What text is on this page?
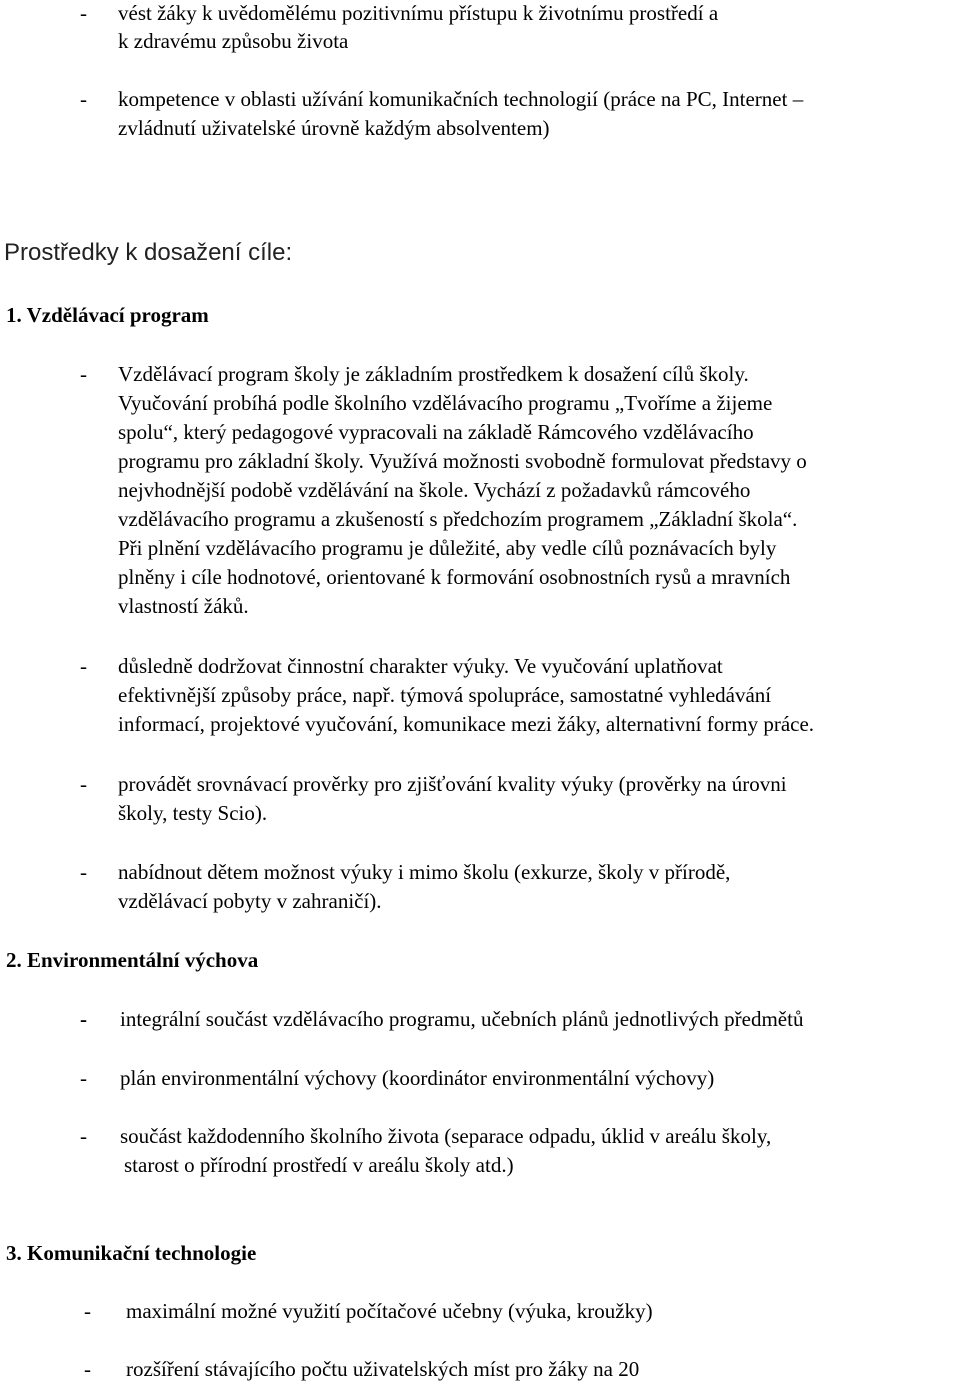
- vést žáky k uvědomělému pozitivnímu přístupu k životnímu prostředí a
k zdravému způsobu života
- kompetence v oblasti užívání komunikačních technologií (práce na PC, Internet –
zvládnutí uživatelské úrovně každým absolventem)
Prostředky k dosažení cíle:
1. Vzdělávací program
- Vzdělávací program školy je základním prostředkem k dosažení cílů školy.
Vyučování probíhá podle školního vzdělávacího programu „Tvoříme a žijeme
spolu“, který pedagogové vypracovali na základě Rámcového vzdělávacího
programu pro základní školy. Využívá možnosti svobodně formulovat představy o
nejvhodnější podobě vzdělávání na škole. Vychází z požadavků rámcového
vzdělávacího programu a zkušeností s předchozím programem „Základní škola“.
Při plnění vzdělávacího programu je důležité, aby vedle cílů poznávacích byly
plněny i cíle hodnotové, orientované k formování osobnostních rysů a mravních
vlastností žáků.
- důsledně dodržovat činnostní charakter výuky. Ve vyučování uplatňovat
efektivnější způsoby práce, např. týmová spolupráce, samostatné vyhledávání
informací, projektové vyučování, komunikace mezi žáky, alternativní formy práce.
- provádět srovnávací prověrky pro zjišťování kvality výuky (prověrky na úrovni
školy, testy Scio).
- nabídnout dětem možnost výuky i mimo školu (exkurze, školy v přírodě,
vzdělávací pobyty v zahraničí).
2. Environmentální výchova
- integrální součást vzdělávacího programu, učebních plánů jednotlivých předmětů
- plán environmentální výchovy (koordinátor environmentální výchovy)
- součást každodenního školního života (separace odpadu, úklid v areálu školy,
starost o přírodní prostředí v areálu školy atd.)
3. Komunikační technologie
- maximální možné využití počítačové učebny (výuka, kroužky)
- rozšíření stávajícího počtu uživatelských míst pro žáky na 20
